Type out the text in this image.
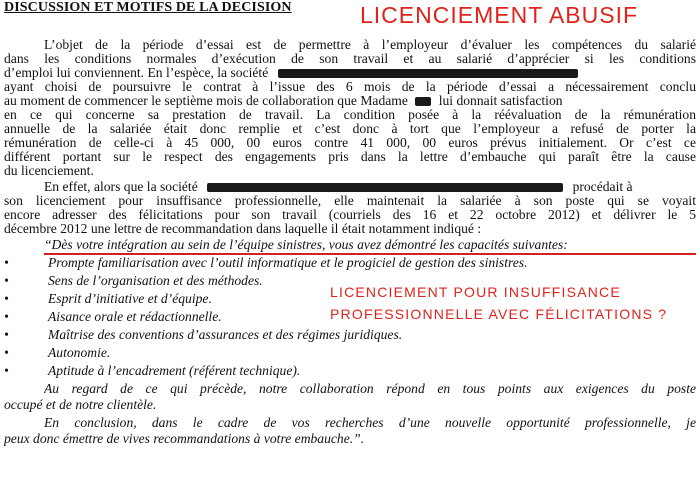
DISCUSSION ET MOTIFS DE LA DECISION	LICENCIEMENT ABUSIF
L’objet de la période d’essai est de permettre à l’employeur d’évaluer les compétences du salarié
dans les conditions normales d’exécution de son travail et au salarié d’apprécier si les conditions
d’emploi lui conviennent. En l’espèce, la société
ayant choisi de poursuivre le contrat à l’issue des 6 mois de la période d’essai a nécessairement conclu
au moment de commencer le septième mois de collaboration que Madame lui donnait satisfaction
en ce qui concerne sa prestation de travail. La condition posée à la réévaluation de la rémunération
annuelle de la salariée était donc remplie et c’est donc à tort que l’employeur a refusé de porter la
rémunération de celle-ci à 45 000, 00 euros contre 41 000, 00 euros prévus initialement. Or c’est ce
différent portant sur le respect des engagements pris dans la lettre d’embauche qui paraît être la cause
du licenciement.
En effet, alors que la société	procédait à
son licenciement pour insuffisance professionnelle, elle maintenait la salariée à son poste qui se voyait
encore adresser des félicitations pour son travail (courriels des 16 et 22 octobre 2012) et délivrer le 5
décembre 2012 une lettre de recommandation dans laquelle il était notamment indiqué :
“Dès votre intégration au sein de l’équipe sinistres, vous avez démontré les capacités suivantes:
•	Prompte familiarisation avec l’outil informatique et le progiciel de gestion des sinistres.
•	Sens de l’organisation et des méthodes.
•	Esprit d’initiative et d’équipe.
•	Aisance orale et rédactionnelle.
•	Maîtrise des conventions d’assurances et des régimes juridiques.
•	Autonomie.
•	Aptitude à l’encadrement (référent technique).
LICENCIEMENT POUR INSUFFISANCE
PROFESSIONNELLE AVEC FÉLICITATIONS ?
Au regard de ce qui précède, notre collaboration répond en tous points aux exigences du poste
occupé et de notre clientèle.
En conclusion, dans le cadre de vos recherches d’une nouvelle opportunité professionnelle, je
peux donc émettre de vives recommandations à votre embauche.”.
